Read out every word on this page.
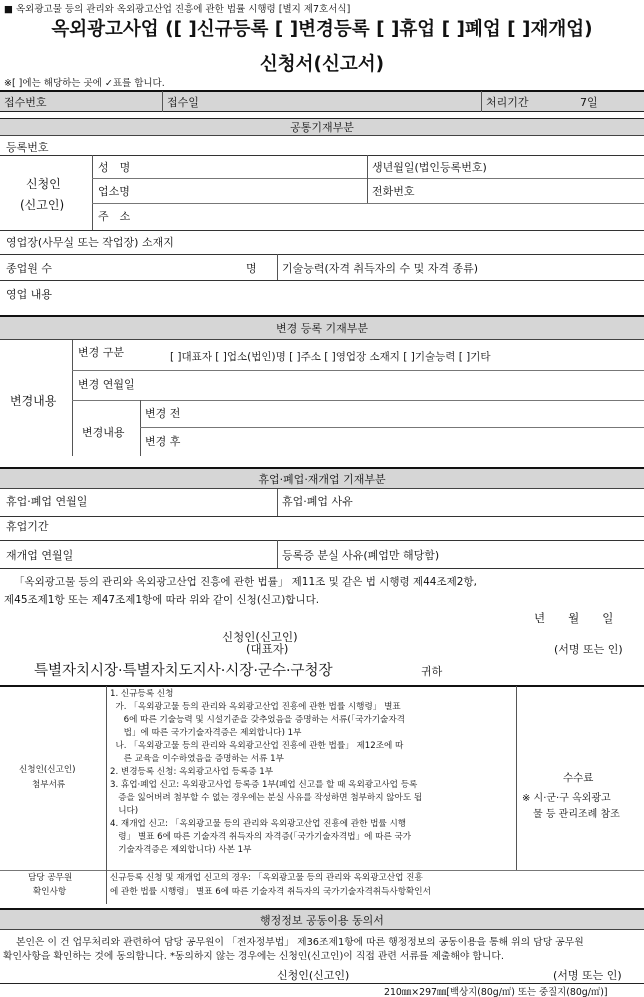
■ 옥외광고물 등의 관리와 옥외광고산업 진흥에 관한 법률 시행령 [별지 제7호서식]
옥외광고사업 ([ ]신규등록 [ ]변경등록 [ ]휴업 [ ]폐업 [ ]재개업)
신청서(신고서)
※[ ]에는 해당하는 곳에 ✓표를 합니다.
접수번호	접수일	처리기간	7일
공통기재부분
등록번호
신청인
(신고인)
성　명	생년월일(법인등록번호)
업소명	전화번호
주　소
영업장(사무실 또는 작업장) 소재지
종업원 수	명 기술능력(자격 취득자의 수 및 자격 종류)
영업 내용
변경 등록 기재부분
변경내용
변경 구분	[ ]대표자 [ ]업소(법인)명 [ ]주소 [ ]영업장 소재지 [ ]기술능력 [ ]기타
변경 연월일
변경내용
변경 전
변경 후
휴업·폐업·재개업 기재부분
휴업·폐업 연월일	휴업·폐업 사유
휴업기간
재개업 연월일	등록증 분실 사유(폐업만 해당함)
「옥외광고물 등의 관리와 옥외광고산업 진흥에 관한 법률」 제11조 및 같은 법 시행령 제44조제2항,
제45조제1항 또는 제47조제1항에 따라 위와 같이 신청(신고)합니다.
년　　월　　일
신청인(신고인)
(대표자)	(서명 또는 인)
특별자치시장·특별자치도지사·시장·군수·구청장	귀하
신청인(신고인)
첨부서류
1. 신규등록 신청
가. 「옥외광고물 등의 관리와 옥외광고산업 진흥에 관한 법률 시행령」 별표
6에 따른 기술능력 및 시설기준을 갖추었음을 증명하는 서류(「국가기술자격
법」에 따른 국가기술자격증은 제외합니다) 1부
나. 「옥외광고물 등의 관리와 옥외광고산업 진흥에 관한 법률」 제12조에 따
른 교육을 이수하였음을 증명하는 서류 1부
2. 변경등록 신청: 옥외광고사업 등록증 1부
3. 휴업·폐업 신고: 옥외광고사업 등록증 1부(폐업 신고를 할 때 옥외광고사업 등록
증을 잃어버려 첨부할 수 없는 경우에는 분실 사유를 작성하면 첨부하지 않아도 됩
니다)
4. 재개업 신고: 「옥외광고물 등의 관리와 옥외광고산업 진흥에 관한 법률 시행
령」 별표 6에 따른 기술자격 취득자의 자격증(「국가기술자격법」에 따른 국가
기술자격증은 제외합니다) 사본 1부
수수료
※ 시·군·구 옥외광고
물 등 관리조례 참조
담당 공무원
확인사항
신규등록 신청 및 재개업 신고의 경우: 「옥외광고물 등의 관리와 옥외광고산업 진흥
에 관한 법률 시행령」 별표 6에 따른 기술자격 취득자의 국가기술자격취득사항확인서
행정정보 공동이용 동의서
본인은 이 건 업무처리와 관련하여 담당 공무원이 「전자정부법」 제36조제1항에 따른 행정정보의 공동이용을 통해 위의 담당 공무원
확인사항을 확인하는 것에 동의합니다. *동의하지 않는 경우에는 신청인(신고인)이 직접 관련 서류를 제출해야 합니다.
신청인(신고인)	(서명 또는 인)
210㎜×297㎜[백상지(80g/㎡) 또는 중질지(80g/㎡)]
